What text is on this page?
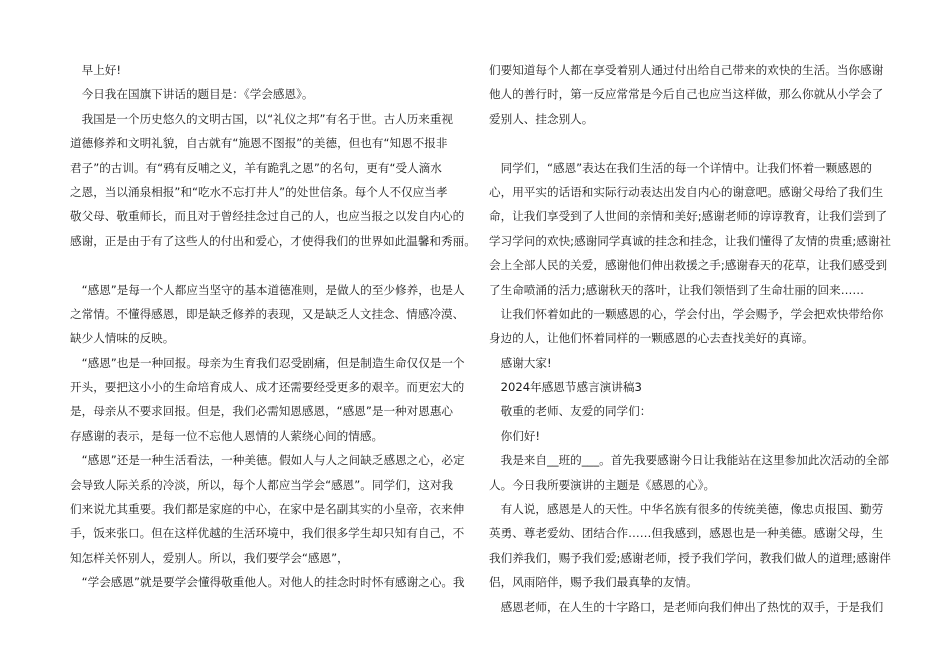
　早上好!
　今日我在国旗下讲话的题目是：《学会感恩》。
　我国是一个历史悠久的文明古国，以“礼仪之邦”有名于世。古人历来重视
道德修养和文明礼貌，自古就有“施恩不图报”的美德，但也有“知恩不报非
君子”的古训。有“鸦有反哺之义，羊有跪乳之恩”的名句，更有“受人滴水
之恩，当以涌泉相报”和“吃水不忘打井人”的处世信条。每个人不仅应当孝
敬父母、敬重师长，而且对于曾经挂念过自己的人，也应当报之以发自内心的
感谢，正是由于有了这些人的付出和爱心，才使得我们的世界如此温馨和秀丽。
　“感恩”是每一个人都应当坚守的基本道德准则，是做人的至少修养，也是人
之常情。不懂得感恩，即是缺乏修养的表现，又是缺乏人文挂念、情感冷漠、
缺少人情味的反映。
　“感恩”也是一种回报。母亲为生育我们忍受剧痛，但是制造生命仅仅是一个
开头，要把这小小的生命培育成人、成才还需要经受更多的艰辛。而更宏大的
是，母亲从不要求回报。但是，我们必需知恩感恩，“感恩”是一种对恩惠心
存感谢的表示，是每一位不忘他人恩情的人萦绕心间的情感。
　“感恩”还是一种生活看法，一种美德。假如人与人之间缺乏感恩之心，必定
会导致人际关系的冷淡，所以，每个人都应当学会“感恩”。同学们，这对我
们来说尤其重要。我们都是家庭的中心，在家中是名副其实的小皇帝，衣来伸
手，饭来张口。但在这样优越的生活环境中，我们很多学生却只知有自己，不
知怎样关怀别人，爱别人。所以，我们要学会“感恩”，
　“学会感恩”就是要学会懂得敬重他人。对他人的挂念时时怀有感谢之心。我
们要知道每个人都在享受着别人通过付出给自己带来的欢快的生活。当你感谢
他人的善行时，第一反应常常是今后自己也应当这样做，那么你就从小学会了
爱别人、挂念别人。
　同学们，“感恩”表达在我们生活的每一个详情中。让我们怀着一颗感恩的
心，用平实的话语和实际行动表达出发自内心的谢意吧。感谢父母给了我们生
命，让我们享受到了人世间的亲情和美好;感谢老师的谆谆教育，让我们尝到了
学习学问的欢快;感谢同学真诚的挂念和挂念，让我们懂得了友情的贵重;感谢社
会上全部人民的关爱，感谢他们伸出救援之手;感谢春天的花草，让我们感受到
了生命喷涌的活力;感谢秋天的落叶，让我们领悟到了生命壮丽的回来……
　让我们怀着如此的一颗感恩的心，学会付出，学会赐予，学会把欢快带给你
身边的人，让他们怀着同样的一颗感恩的心去查找美好的真谛。
　感谢大家!
　2024年感恩节感言演讲稿3
　敬重的老师、友爱的同学们：
　你们好!
　我是来自__班的___。首先我要感谢今日让我能站在这里参加此次活动的全部
人。今日我所要演讲的主题是《感恩的心》。
　有人说，感恩是人的天性。中华名族有很多的传统美德，像忠贞报国、勤劳
英勇、尊老爱幼、团结合作……但我感到，感恩也是一种美德。感谢父母，生
我们养我们，赐予我们爱;感谢老师，授予我们学问，教我们做人的道理;感谢伴
侣，风雨陪伴，赐予我们最真挚的友情。
　感恩老师，在人生的十字路口，是老师向我们伸出了热忱的双手，于是我们
